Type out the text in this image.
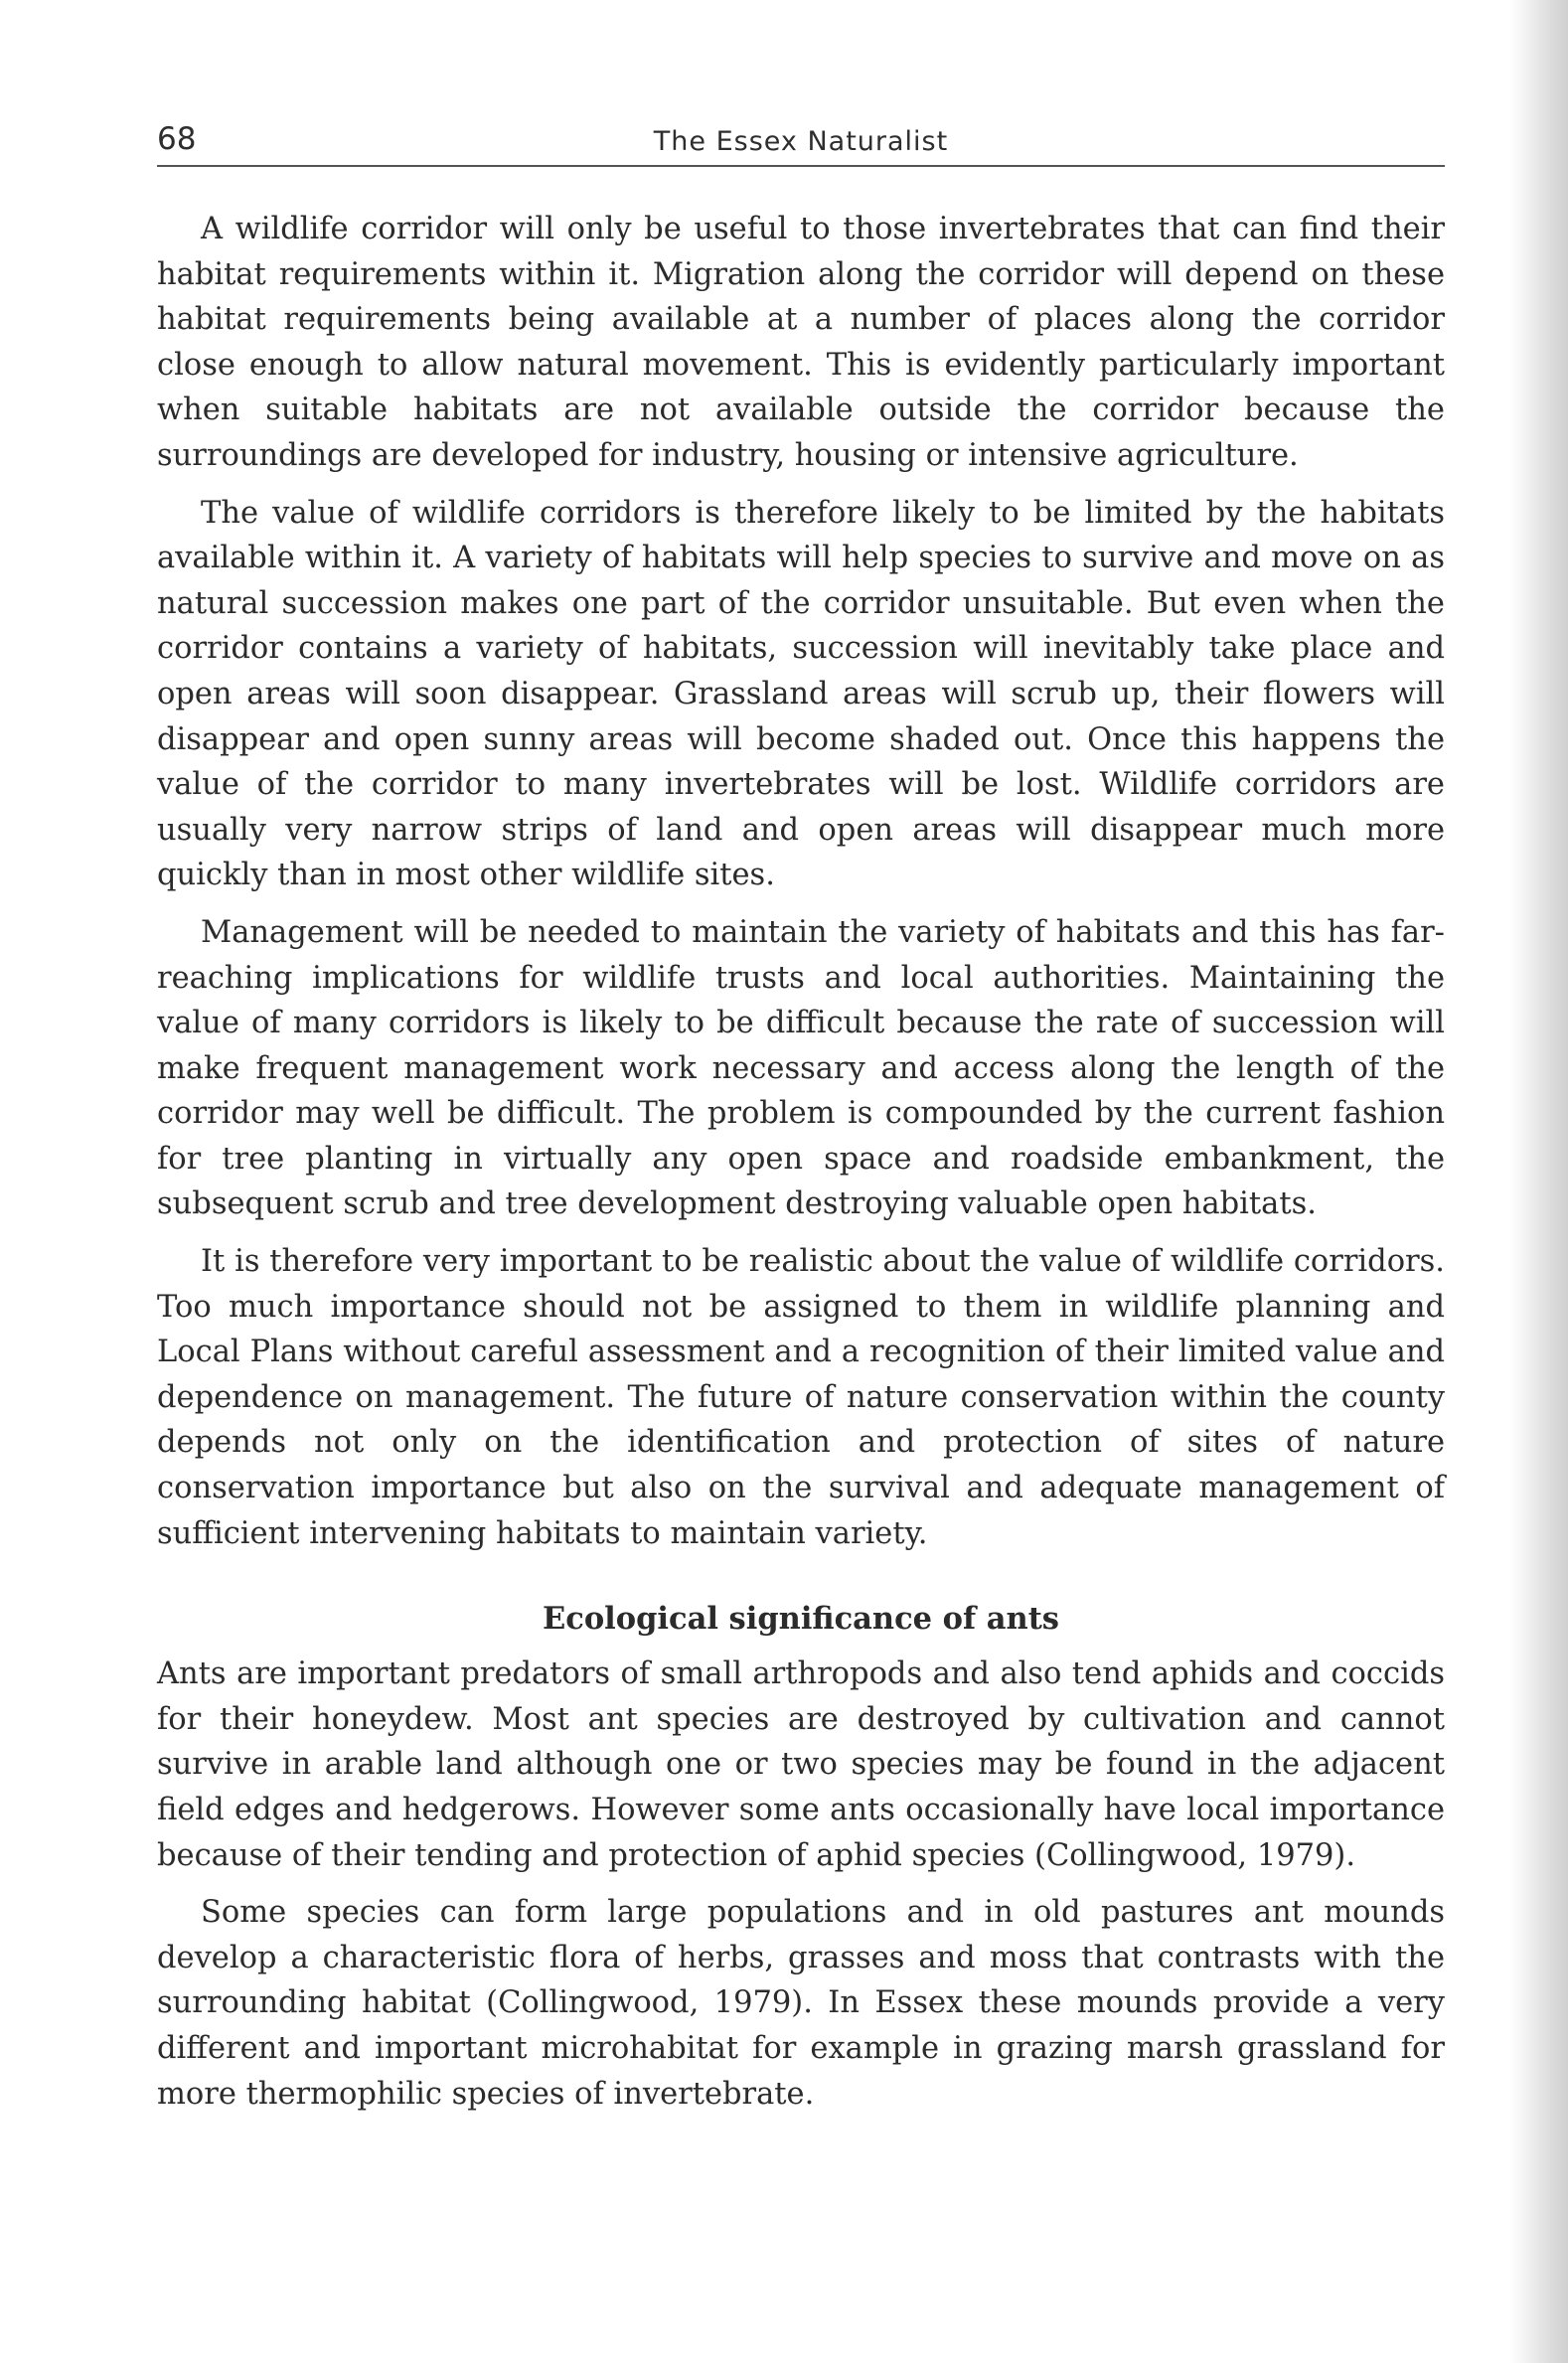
68	The Essex Naturalist

A wildlife corridor will only be useful to those invertebrates that can find their habitat requirements within it. Migration along the corridor will depend on these habitat requirements being available at a number of places along the corridor close enough to allow natural movement. This is evidently particularly important when suitable habitats are not available outside the corridor because the surroundings are developed for industry, housing or intensive agriculture.

The value of wildlife corridors is therefore likely to be limited by the habitats available within it. A variety of habitats will help species to survive and move on as natural succession makes one part of the corridor unsuitable. But even when the corridor contains a variety of habitats, succession will inevitably take place and open areas will soon disappear. Grassland areas will scrub up, their flowers will disappear and open sunny areas will become shaded out. Once this happens the value of the corridor to many invertebrates will be lost. Wildlife corridors are usually very narrow strips of land and open areas will disappear much more quickly than in most other wildlife sites.

Management will be needed to maintain the variety of habitats and this has far-reaching implications for wildlife trusts and local authorities. Maintaining the value of many corridors is likely to be difficult because the rate of succession will make frequent management work necessary and access along the length of the corridor may well be difficult. The problem is compounded by the current fashion for tree planting in virtually any open space and roadside embankment, the subsequent scrub and tree development destroying valuable open habitats.

It is therefore very important to be realistic about the value of wildlife corridors. Too much importance should not be assigned to them in wildlife planning and Local Plans without careful assessment and a recognition of their limited value and dependence on management. The future of nature conservation within the county depends not only on the identification and protection of sites of nature conservation importance but also on the survival and adequate management of sufficient intervening habitats to maintain variety.

Ecological significance of ants

Ants are important predators of small arthropods and also tend aphids and coccids for their honeydew. Most ant species are destroyed by cultivation and cannot survive in arable land although one or two species may be found in the adjacent field edges and hedgerows. However some ants occasionally have local importance because of their tending and protection of aphid species (Collingwood, 1979).

Some species can form large populations and in old pastures ant mounds develop a characteristic flora of herbs, grasses and moss that contrasts with the surrounding habitat (Collingwood, 1979). In Essex these mounds provide a very different and important microhabitat for example in grazing marsh grassland for more thermophilic species of invertebrate.
